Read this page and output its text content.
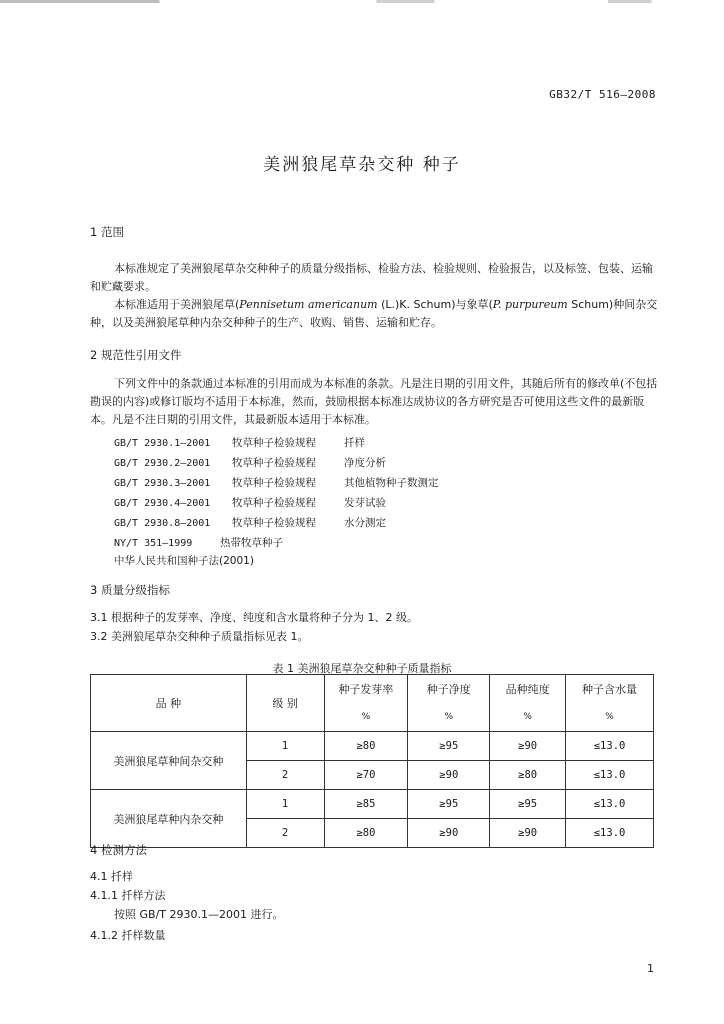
GB32/T 516—2008
美洲狼尾草杂交种 种子
1 范围
本标准规定了美洲狼尾草杂交种种子的质量分级指标、检验方法、检验规则、检验报告，以及标签、包装、运输和贮藏要求。
本标准适用于美洲狼尾草(Pennisetum americanum (L.)K. Schum)与象草(P. purpureum Schum)种间杂交种，以及美洲狼尾草种内杂交种种子的生产、收购、销售、运输和贮存。
2 规范性引用文件
下列文件中的条款通过本标准的引用而成为本标准的条款。凡是注日期的引用文件，其随后所有的修改单(不包括勘误的内容)或修订版均不适用于本标准，然而，鼓励根据本标准达成协议的各方研究是否可使用这些文件的最新版本。凡是不注日期的引用文件，其最新版本适用于本标准。
GB/T 2930.1—2001 牧草种子检验规程	扦样
GB/T 2930.2—2001 牧草种子检验规程	净度分析
GB/T 2930.3—2001 牧草种子检验规程	其他植物种子数测定
GB/T 2930.4—2001 牧草种子检验规程	发芽试验
GB/T 2930.8—2001 牧草种子检验规程	水分测定
NY/T 351—1999	热带牧草种子
中华人民共和国种子法(2001)
3 质量分级指标
3.1 根据种子的发芽率、净度、纯度和含水量将种子分为 1、2 级。
3.2 美洲狼尾草杂交种种子质量指标见表 1。
表 1 美洲狼尾草杂交种种子质量指标
品 种	级 别	种子发芽率	种子净度	品种纯度	种子含水量
		%	%	%	%
美洲狼尾草种间杂交种	1	≥80	≥95	≥90	≤13.0
	2	≥70	≥90	≥80	≤13.0
美洲狼尾草种内杂交种	1	≥85	≥95	≥95	≤13.0
	2	≥80	≥90	≥90	≤13.0
4 检测方法
4.1 扦样
4.1.1 扦样方法
按照 GB/T 2930.1—2001 进行。
4.1.2 扦样数量
1
